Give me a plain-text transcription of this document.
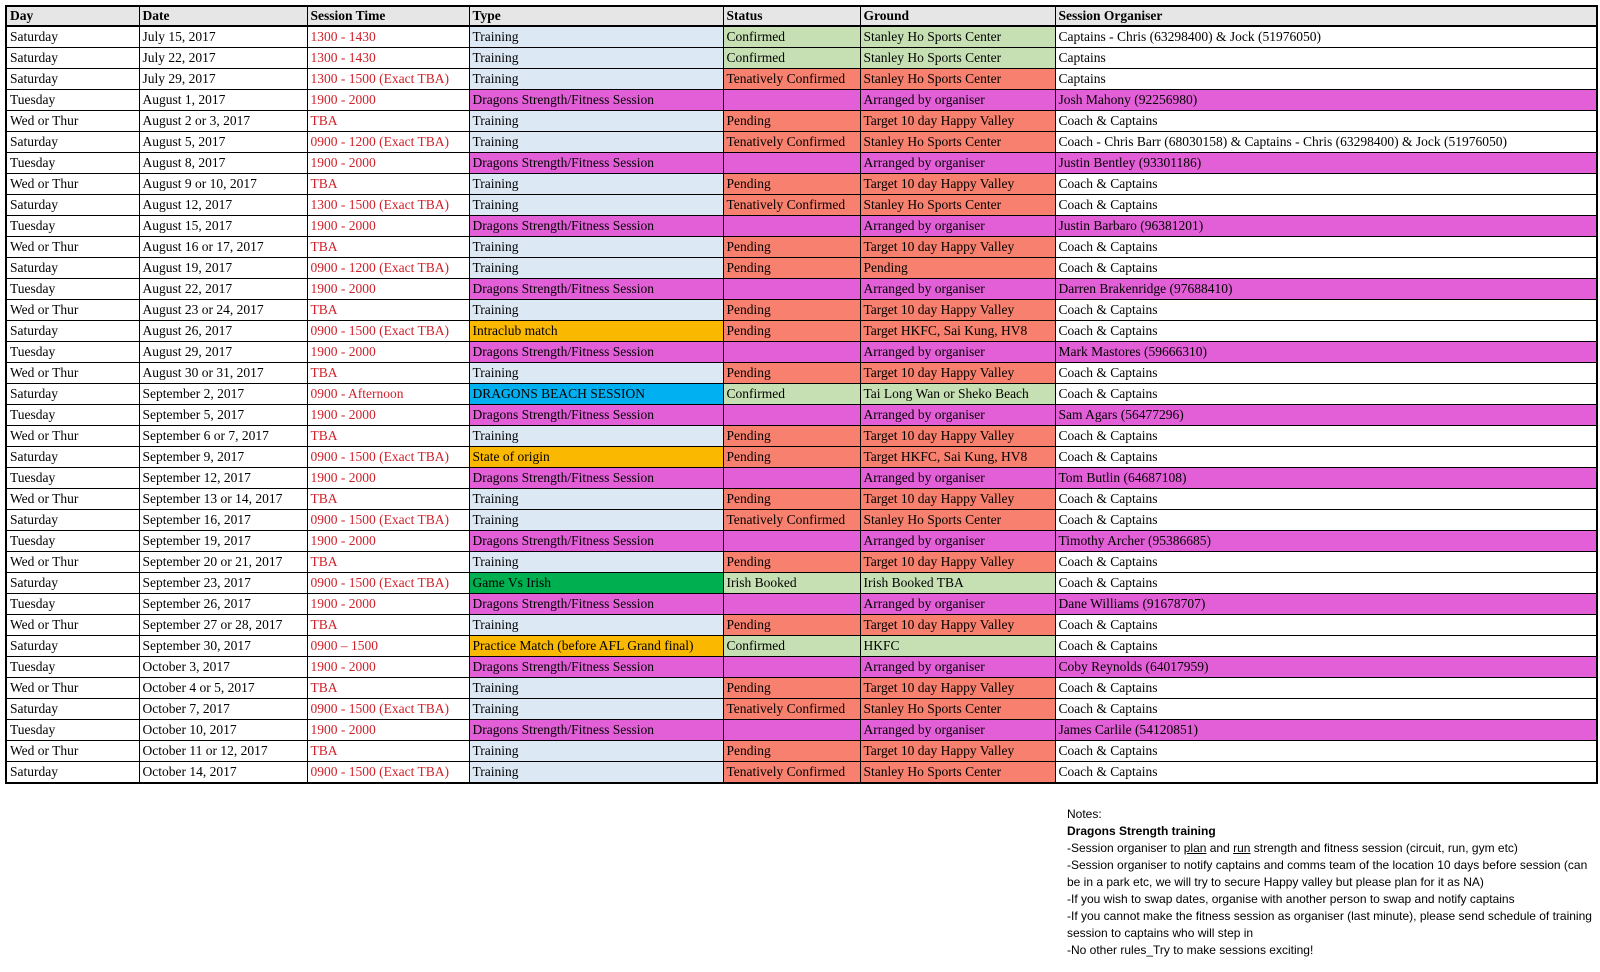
Day	Date	Session Time	Type	Status	Ground	Session Organiser
Saturday	July 15, 2017	1300 - 1430	Training	Confirmed	Stanley Ho Sports Center	Captains - Chris (63298400) & Jock (51976050)
Saturday	July 22, 2017	1300 - 1430	Training	Confirmed	Stanley Ho Sports Center	Captains
Saturday	July 29, 2017	1300 - 1500 (Exact TBA)	Training	Tenatively Confirmed	Stanley Ho Sports Center	Captains
Tuesday	August 1, 2017	1900 - 2000	Dragons Strength/Fitness Session		Arranged by organiser	Josh Mahony (92256980)
Wed or Thur	August 2 or 3, 2017	TBA	Training	Pending	Target 10 day Happy Valley	Coach & Captains
Saturday	August 5, 2017	0900 - 1200 (Exact TBA)	Training	Tenatively Confirmed	Stanley Ho Sports Center	Coach - Chris Barr (68030158) & Captains - Chris (63298400) & Jock (51976050)
Tuesday	August 8, 2017	1900 - 2000	Dragons Strength/Fitness Session		Arranged by organiser	Justin Bentley (93301186)
Wed or Thur	August 9 or 10, 2017	TBA	Training	Pending	Target 10 day Happy Valley	Coach & Captains
Saturday	August 12, 2017	1300 - 1500 (Exact TBA)	Training	Tenatively Confirmed	Stanley Ho Sports Center	Coach & Captains
Tuesday	August 15, 2017	1900 - 2000	Dragons Strength/Fitness Session		Arranged by organiser	Justin Barbaro (96381201)
Wed or Thur	August 16 or 17, 2017	TBA	Training	Pending	Target 10 day Happy Valley	Coach & Captains
Saturday	August 19, 2017	0900 - 1200 (Exact TBA)	Training	Pending	Pending	Coach & Captains
Tuesday	August 22, 2017	1900 - 2000	Dragons Strength/Fitness Session		Arranged by organiser	Darren Brakenridge (97688410)
Wed or Thur	August 23 or 24, 2017	TBA	Training	Pending	Target 10 day Happy Valley	Coach & Captains
Saturday	August 26, 2017	0900 - 1500 (Exact TBA)	Intraclub match	Pending	Target HKFC, Sai Kung, HV8	Coach & Captains
Tuesday	August 29, 2017	1900 - 2000	Dragons Strength/Fitness Session		Arranged by organiser	Mark Mastores (59666310)
Wed or Thur	August 30 or 31, 2017	TBA	Training	Pending	Target 10 day Happy Valley	Coach & Captains
Saturday	September 2, 2017	0900 - Afternoon	DRAGONS BEACH SESSION	Confirmed	Tai Long Wan or Sheko Beach	Coach & Captains
Tuesday	September 5, 2017	1900 - 2000	Dragons Strength/Fitness Session		Arranged by organiser	Sam Agars (56477296)
Wed or Thur	September 6 or 7, 2017	TBA	Training	Pending	Target 10 day Happy Valley	Coach & Captains
Saturday	September 9, 2017	0900 - 1500 (Exact TBA)	State of origin	Pending	Target HKFC, Sai Kung, HV8	Coach & Captains
Tuesday	September 12, 2017	1900 - 2000	Dragons Strength/Fitness Session		Arranged by organiser	Tom Butlin (64687108)
Wed or Thur	September 13 or 14, 2017	TBA	Training	Pending	Target 10 day Happy Valley	Coach & Captains
Saturday	September 16, 2017	0900 - 1500 (Exact TBA)	Training	Tenatively Confirmed	Stanley Ho Sports Center	Coach & Captains
Tuesday	September 19, 2017	1900 - 2000	Dragons Strength/Fitness Session		Arranged by organiser	Timothy Archer (95386685)
Wed or Thur	September 20 or 21, 2017	TBA	Training	Pending	Target 10 day Happy Valley	Coach & Captains
Saturday	September 23, 2017	0900 - 1500 (Exact TBA)	Game Vs Irish	Irish Booked	Irish Booked TBA	Coach & Captains
Tuesday	September 26, 2017	1900 - 2000	Dragons Strength/Fitness Session		Arranged by organiser	Dane Williams (91678707)
Wed or Thur	September 27 or 28, 2017	TBA	Training	Pending	Target 10 day Happy Valley	Coach & Captains
Saturday	September 30, 2017	0900 – 1500	Practice Match (before AFL Grand final)	Confirmed	HKFC	Coach & Captains
Tuesday	October 3, 2017	1900 - 2000	Dragons Strength/Fitness Session		Arranged by organiser	Coby Reynolds (64017959)
Wed or Thur	October 4 or 5, 2017	TBA	Training	Pending	Target 10 day Happy Valley	Coach & Captains
Saturday	October 7, 2017	0900 - 1500 (Exact TBA)	Training	Tenatively Confirmed	Stanley Ho Sports Center	Coach & Captains
Tuesday	October 10, 2017	1900 - 2000	Dragons Strength/Fitness Session		Arranged by organiser	James Carlile (54120851)
Wed or Thur	October 11 or 12, 2017	TBA	Training	Pending	Target 10 day Happy Valley	Coach & Captains
Saturday	October 14, 2017	0900 - 1500 (Exact TBA)	Training	Tenatively Confirmed	Stanley Ho Sports Center	Coach & Captains

Notes:

Dragons Strength training

-Session organiser to plan and run strength and fitness session (circuit, run, gym etc)

-Session organiser to notify captains and comms team of the location 10 days before session (can be in a park etc, we will try to secure Happy valley but please plan for it as NA)

-If you wish to swap dates, organise with another person to swap and notify captains

-If you cannot make the fitness session as organiser (last minute), please send schedule of training session to captains who will step in

-No other rules_Try to make sessions exciting!
